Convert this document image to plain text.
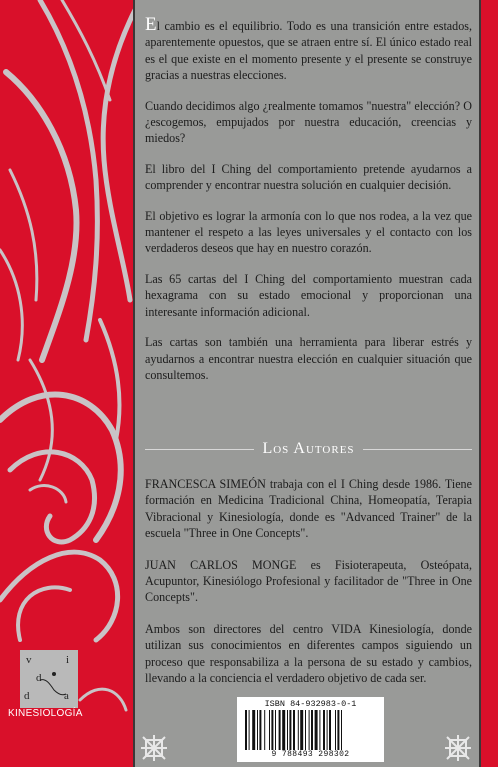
El cambio es el equilibrio. Todo es una transición entre estados, aparentemente opuestos, que se atraen entre sí. El único estado real es el que existe en el momento presente y el presente se construye gracias a nuestras elecciones.

Cuando decidimos algo ¿realmente tomamos "nuestra" elección? O ¿escogemos, empujados por nuestra educación, creencias y miedos?

El libro del I Ching del comportamiento pretende ayudarnos a comprender y encontrar nuestra solución en cualquier decisión.

El objetivo es lograr la armonía con lo que nos rodea, a la vez que mantener el respeto a las leyes universales y el contacto con los verdaderos deseos que hay en nuestro corazón.

Las 65 cartas del I Ching del comportamiento muestran cada hexagrama con su estado emocional y proporcionan una interesante información adicional.

Las cartas son también una herramienta para liberar estrés y ayudarnos a encontrar nuestra elección en cualquier situación que consultemos.

Los Autores

FRANCESCA SIMEÓN trabaja con el I Ching desde 1986. Tiene formación en Medicina Tradicional China, Homeopatía, Terapia Vibracional y Kinesiología, donde es "Advanced Trainer" de la escuela "Three in One Concepts".

JUAN CARLOS MONGE es Fisioterapeuta, Osteópata, Acupuntor, Kinesiólogo Profesional y facilitador de "Three in One Concepts".

Ambos son directores del centro VIDA Kinesiología, donde utilizan sus conocimientos en diferentes campos siguiendo un proceso que responsabiliza a la persona de su estado y cambios, llevando a la conciencia el verdadero objetivo de cada ser.

ISBN 84-932983-0-1
9 788493 298302
v	i
d
d	a
KINESIOLOGÍA
